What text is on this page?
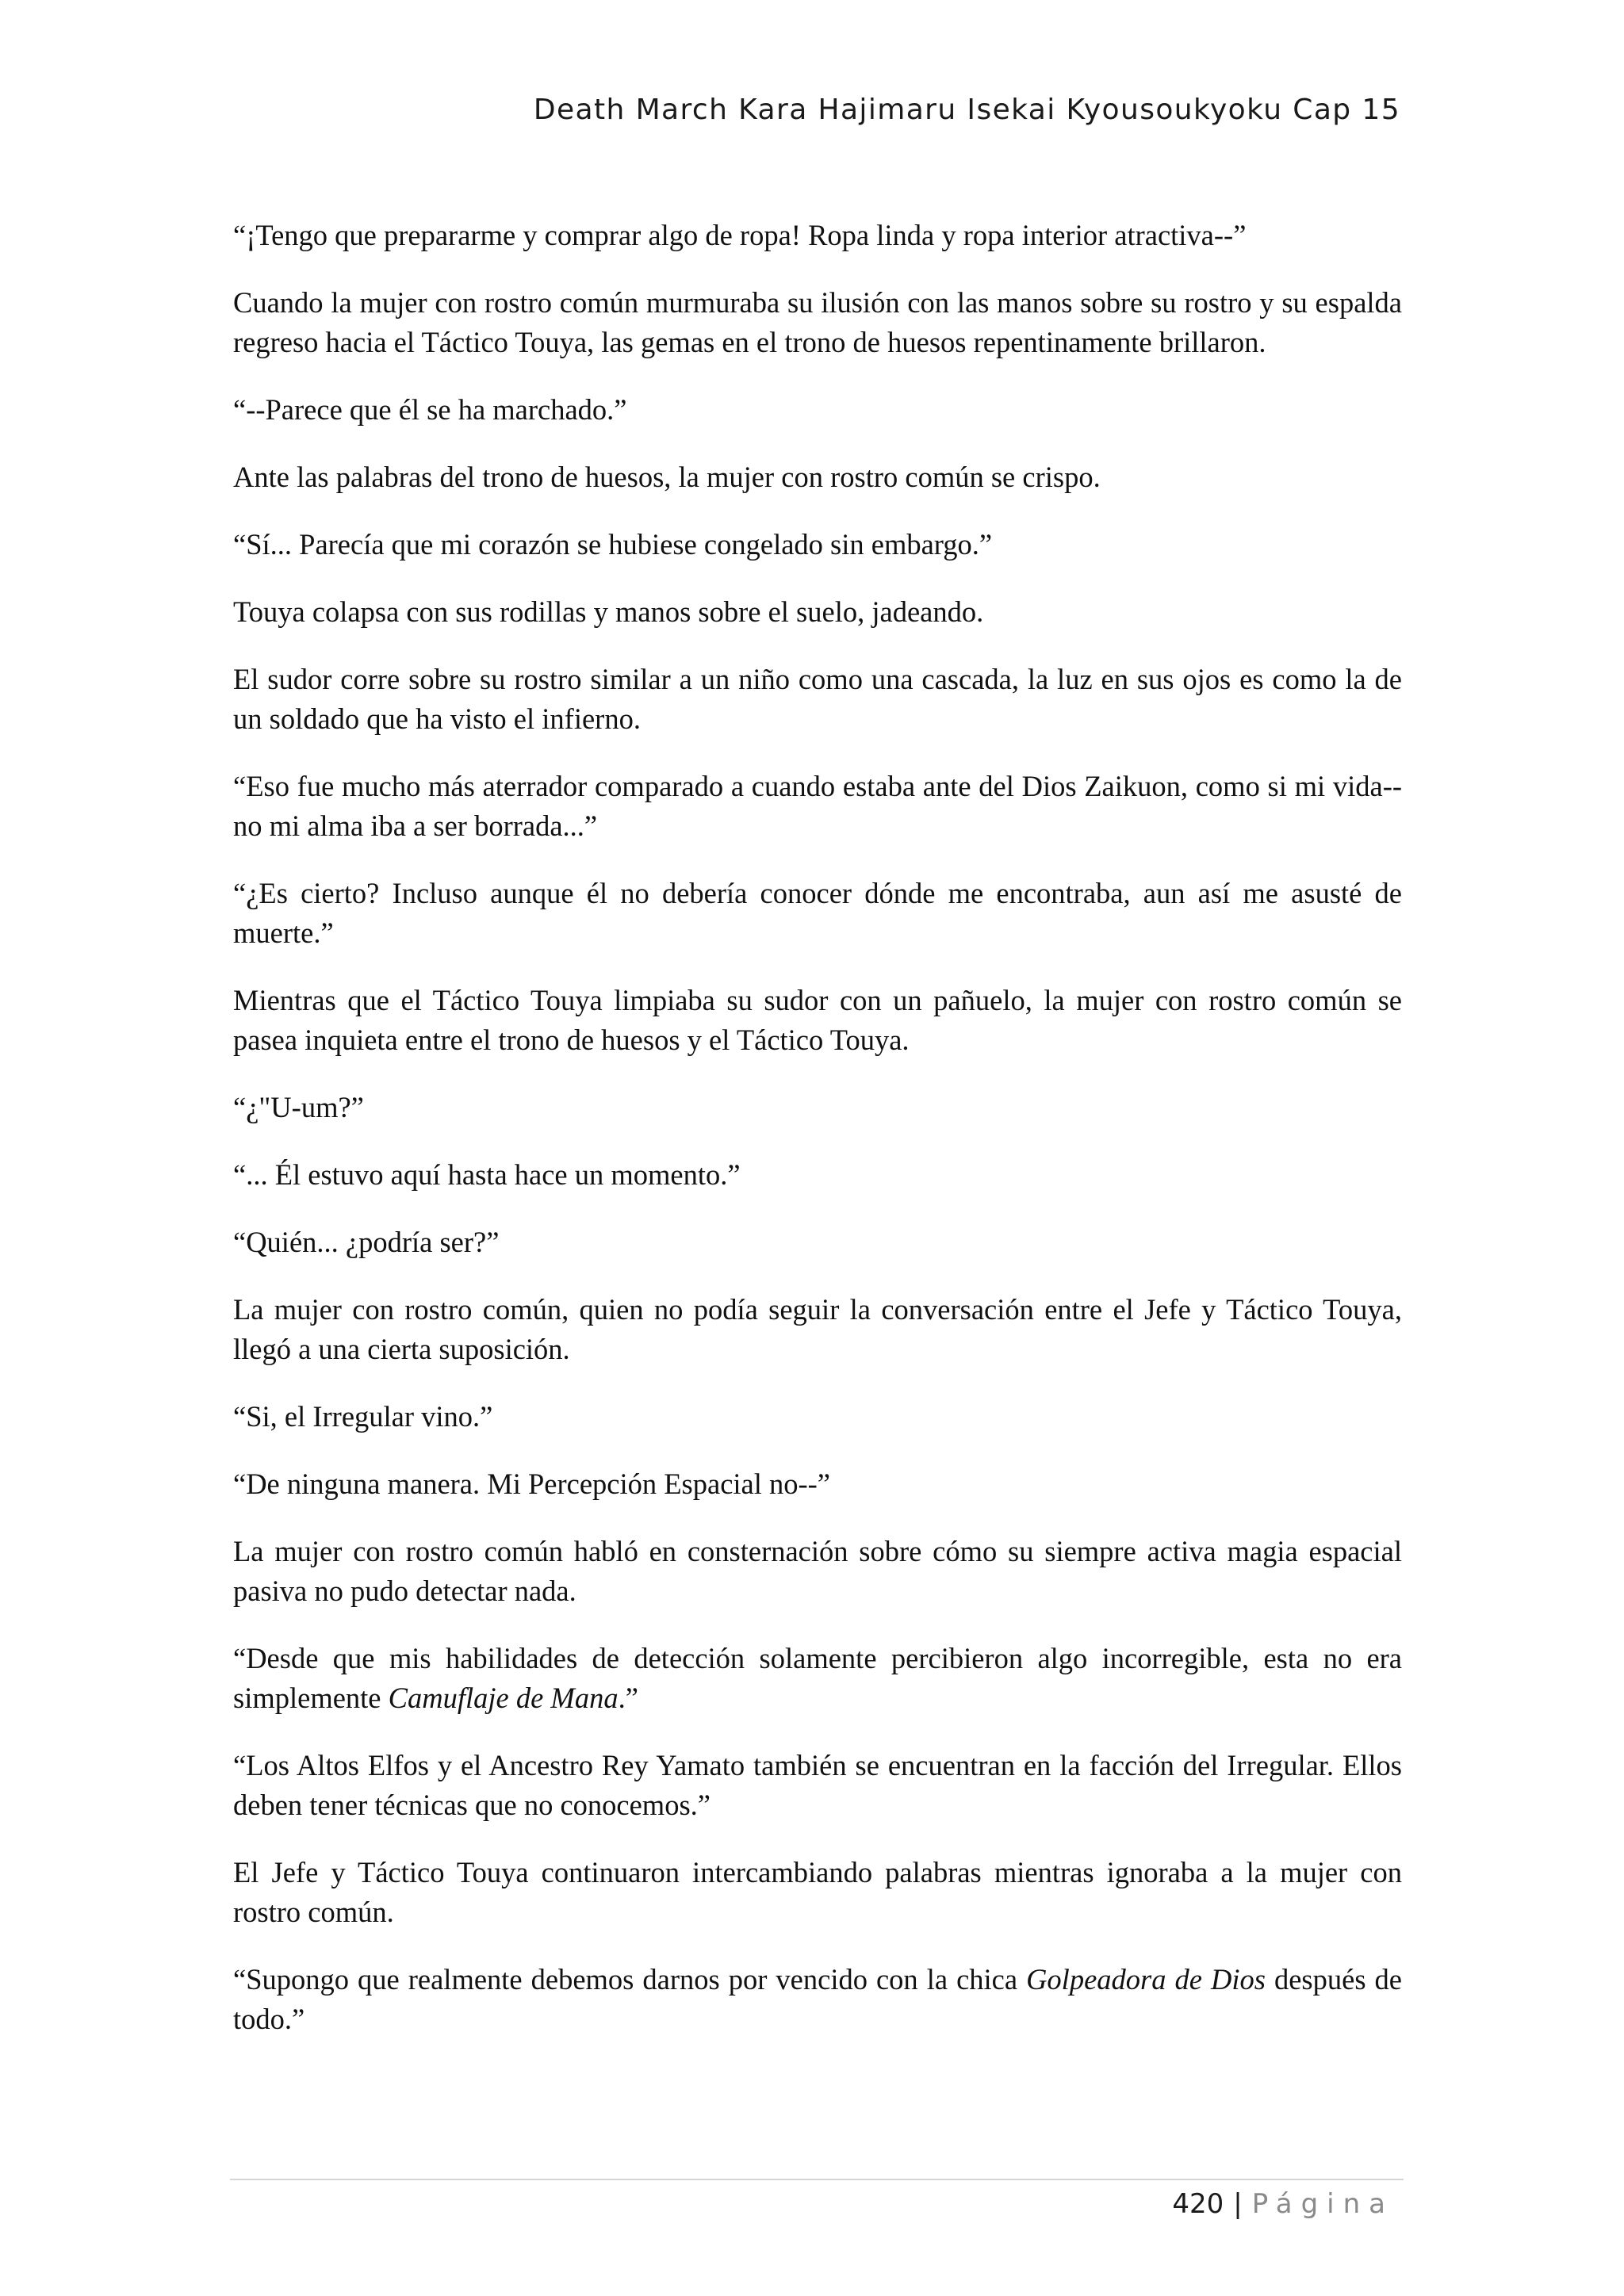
Death March Kara Hajimaru Isekai Kyousoukyoku Cap 15

“¡Tengo que prepararme y comprar algo de ropa! Ropa linda y ropa interior atractiva--”

Cuando la mujer con rostro común murmuraba su ilusión con las manos sobre su rostro y su espalda regreso hacia el Táctico Touya, las gemas en el trono de huesos repentinamente brillaron.

“--Parece que él se ha marchado.”

Ante las palabras del trono de huesos, la mujer con rostro común se crispo.

“Sí... Parecía que mi corazón se hubiese congelado sin embargo.”

Touya colapsa con sus rodillas y manos sobre el suelo, jadeando.

El sudor corre sobre su rostro similar a un niño como una cascada, la luz en sus ojos es como la de un soldado que ha visto el infierno.

“Eso fue mucho más aterrador comparado a cuando estaba ante del Dios Zaikuon, como si mi vida--no mi alma iba a ser borrada...”

“¿Es cierto? Incluso aunque él no debería conocer dónde me encontraba, aun así me asusté de muerte.”

Mientras que el Táctico Touya limpiaba su sudor con un pañuelo, la mujer con rostro común se pasea inquieta entre el trono de huesos y el Táctico Touya.

“¿"U-um?”

“... Él estuvo aquí hasta hace un momento.”

“Quién... ¿podría ser?”

La mujer con rostro común, quien no podía seguir la conversación entre el Jefe y Táctico Touya, llegó a una cierta suposición.

“Si, el Irregular vino.”

“De ninguna manera. Mi Percepción Espacial no--”

La mujer con rostro común habló en consternación sobre cómo su siempre activa magia espacial pasiva no pudo detectar nada.

“Desde que mis habilidades de detección solamente percibieron algo incorregible, esta no era simplemente Camuflaje de Mana.”

“Los Altos Elfos y el Ancestro Rey Yamato también se encuentran en la facción del Irregular. Ellos deben tener técnicas que no conocemos.”

El Jefe y Táctico Touya continuaron intercambiando palabras mientras ignoraba a la mujer con rostro común.

“Supongo que realmente debemos darnos por vencido con la chica Golpeadora de Dios después de todo.”

420 | Página
